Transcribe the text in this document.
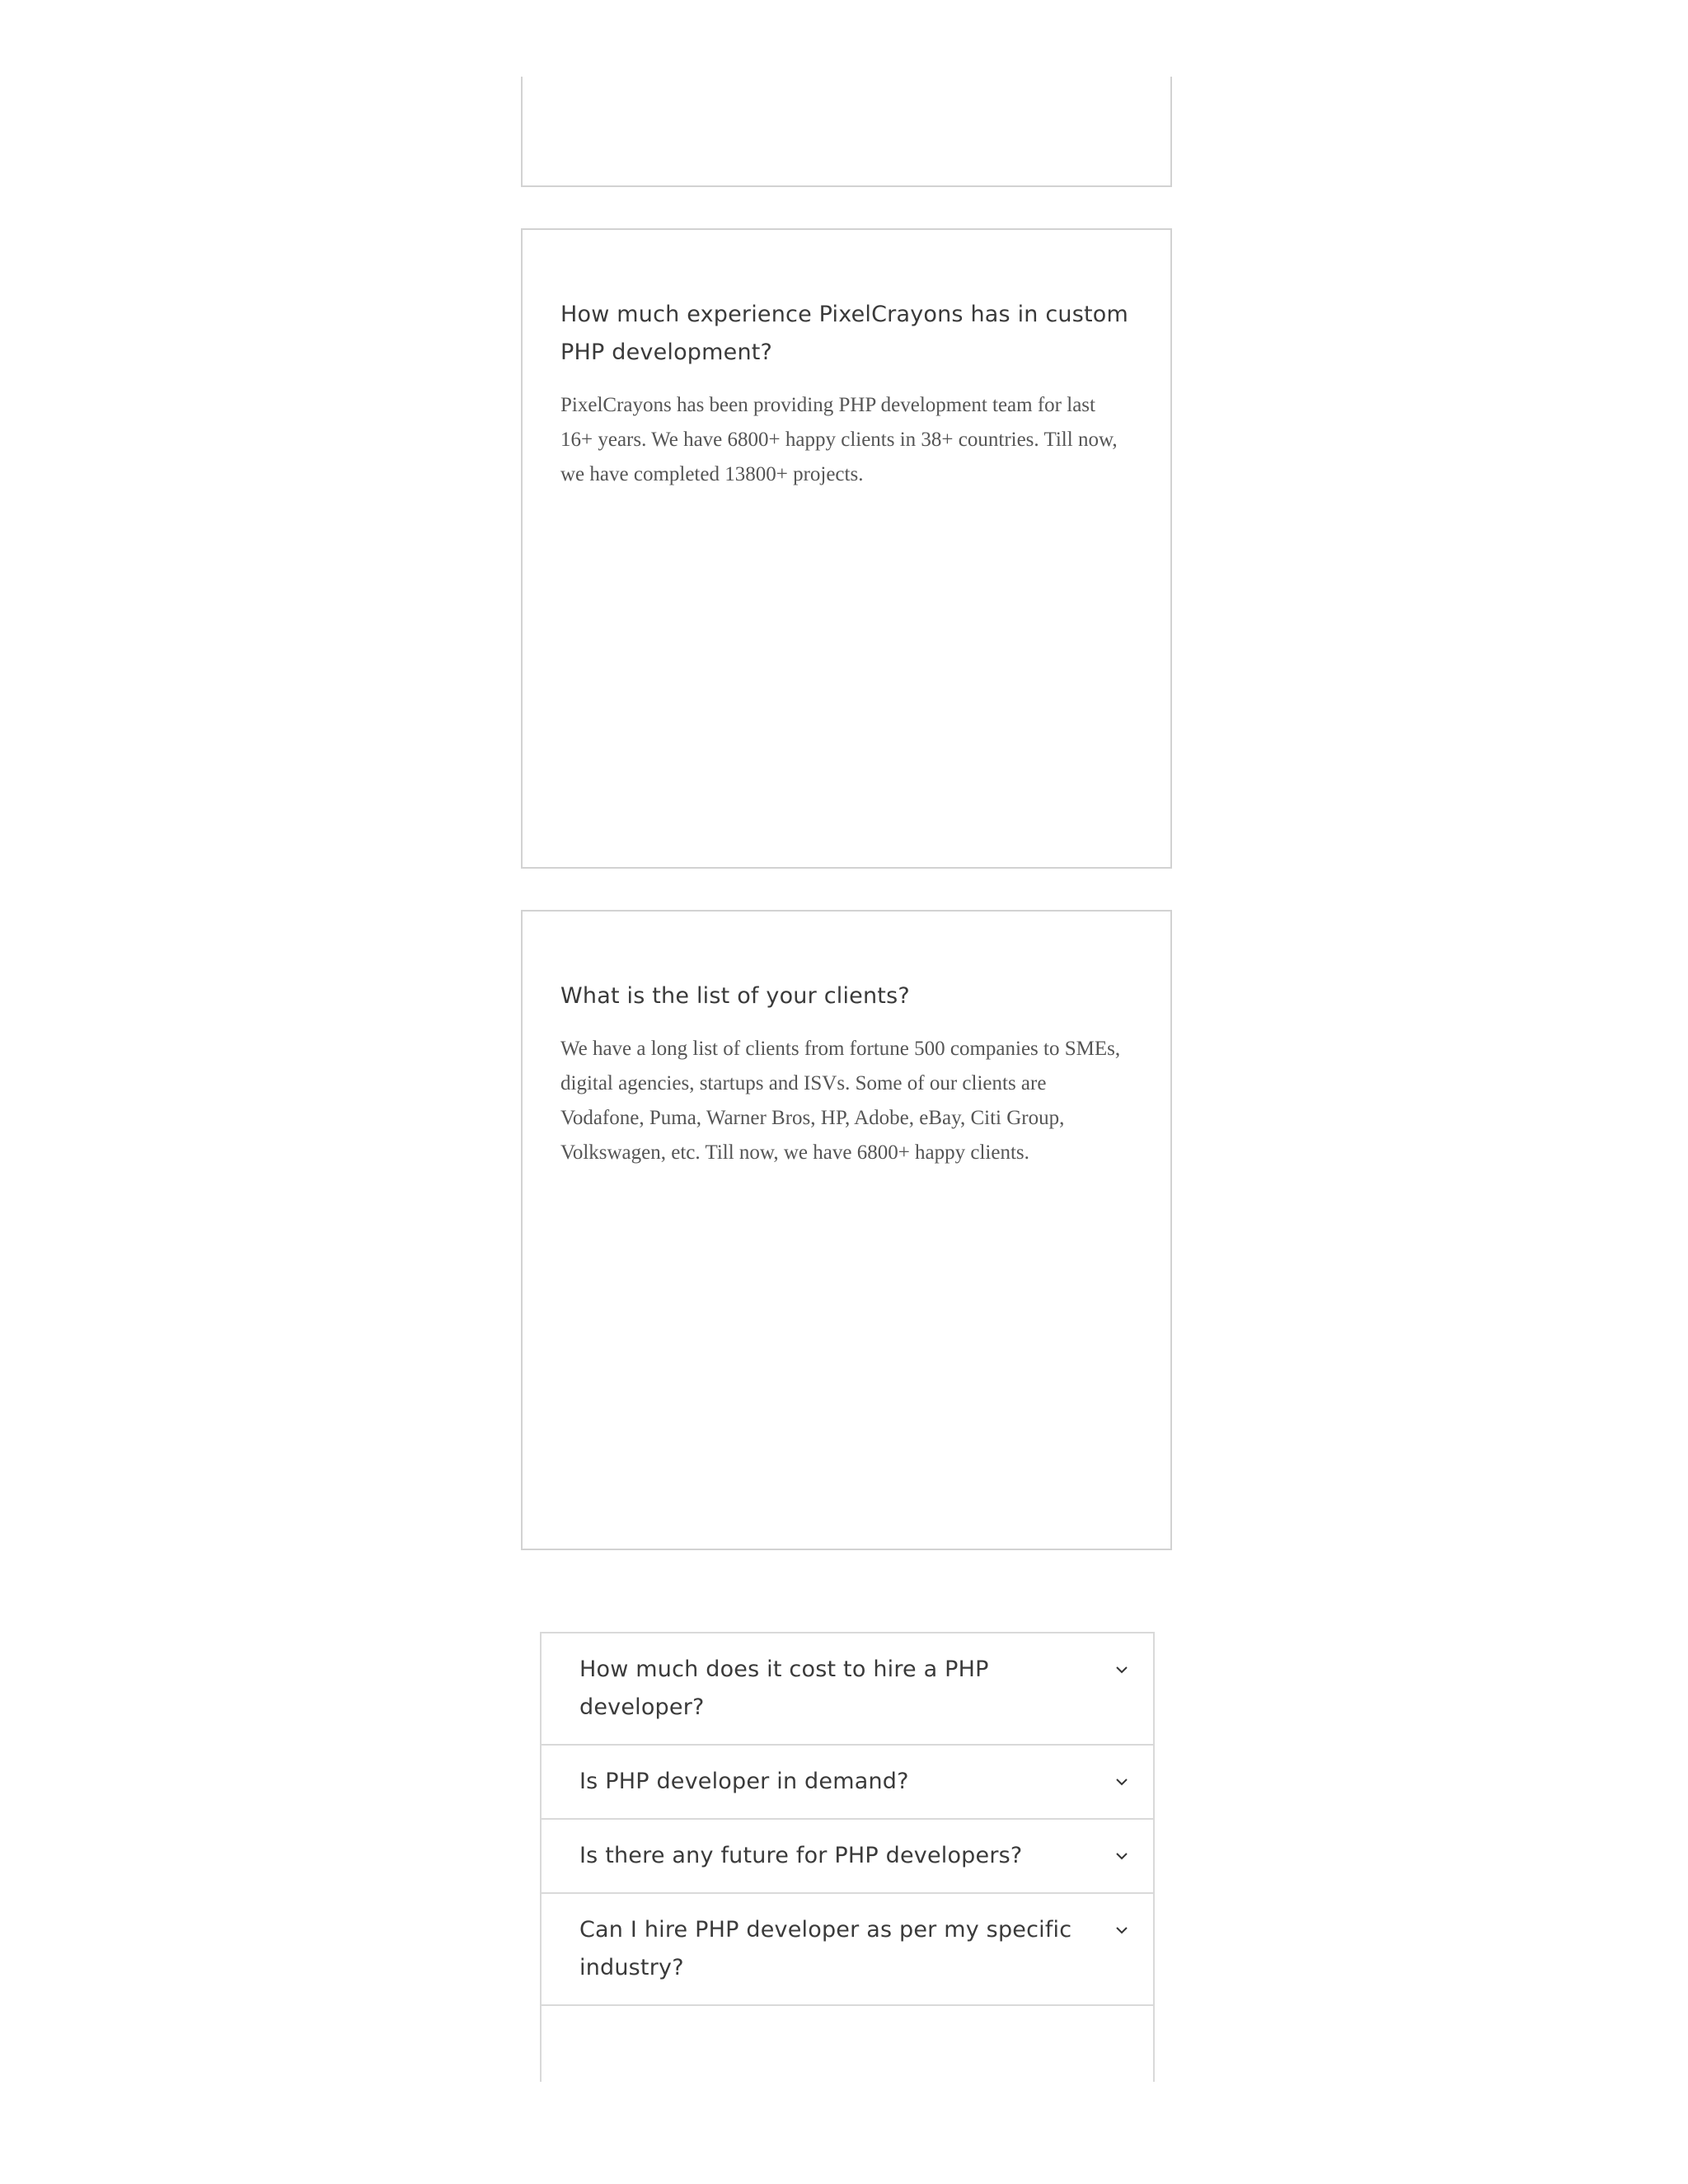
How much experience PixelCrayons has in custom PHP development?

PixelCrayons has been providing PHP development team for last 16+ years. We have 6800+ happy clients in 38+ countries. Till now, we have completed 13800+ projects.

What is the list of your clients?

We have a long list of clients from fortune 500 companies to SMEs, digital agencies, startups and ISVs. Some of our clients are Vodafone, Puma, Warner Bros, HP, Adobe, eBay, Citi Group, Volkswagen, etc. Till now, we have 6800+ happy clients.

How much does it cost to hire a PHP developer?
Is PHP developer in demand?
Is there any future for PHP developers?
Can I hire PHP developer as per my specific industry?
